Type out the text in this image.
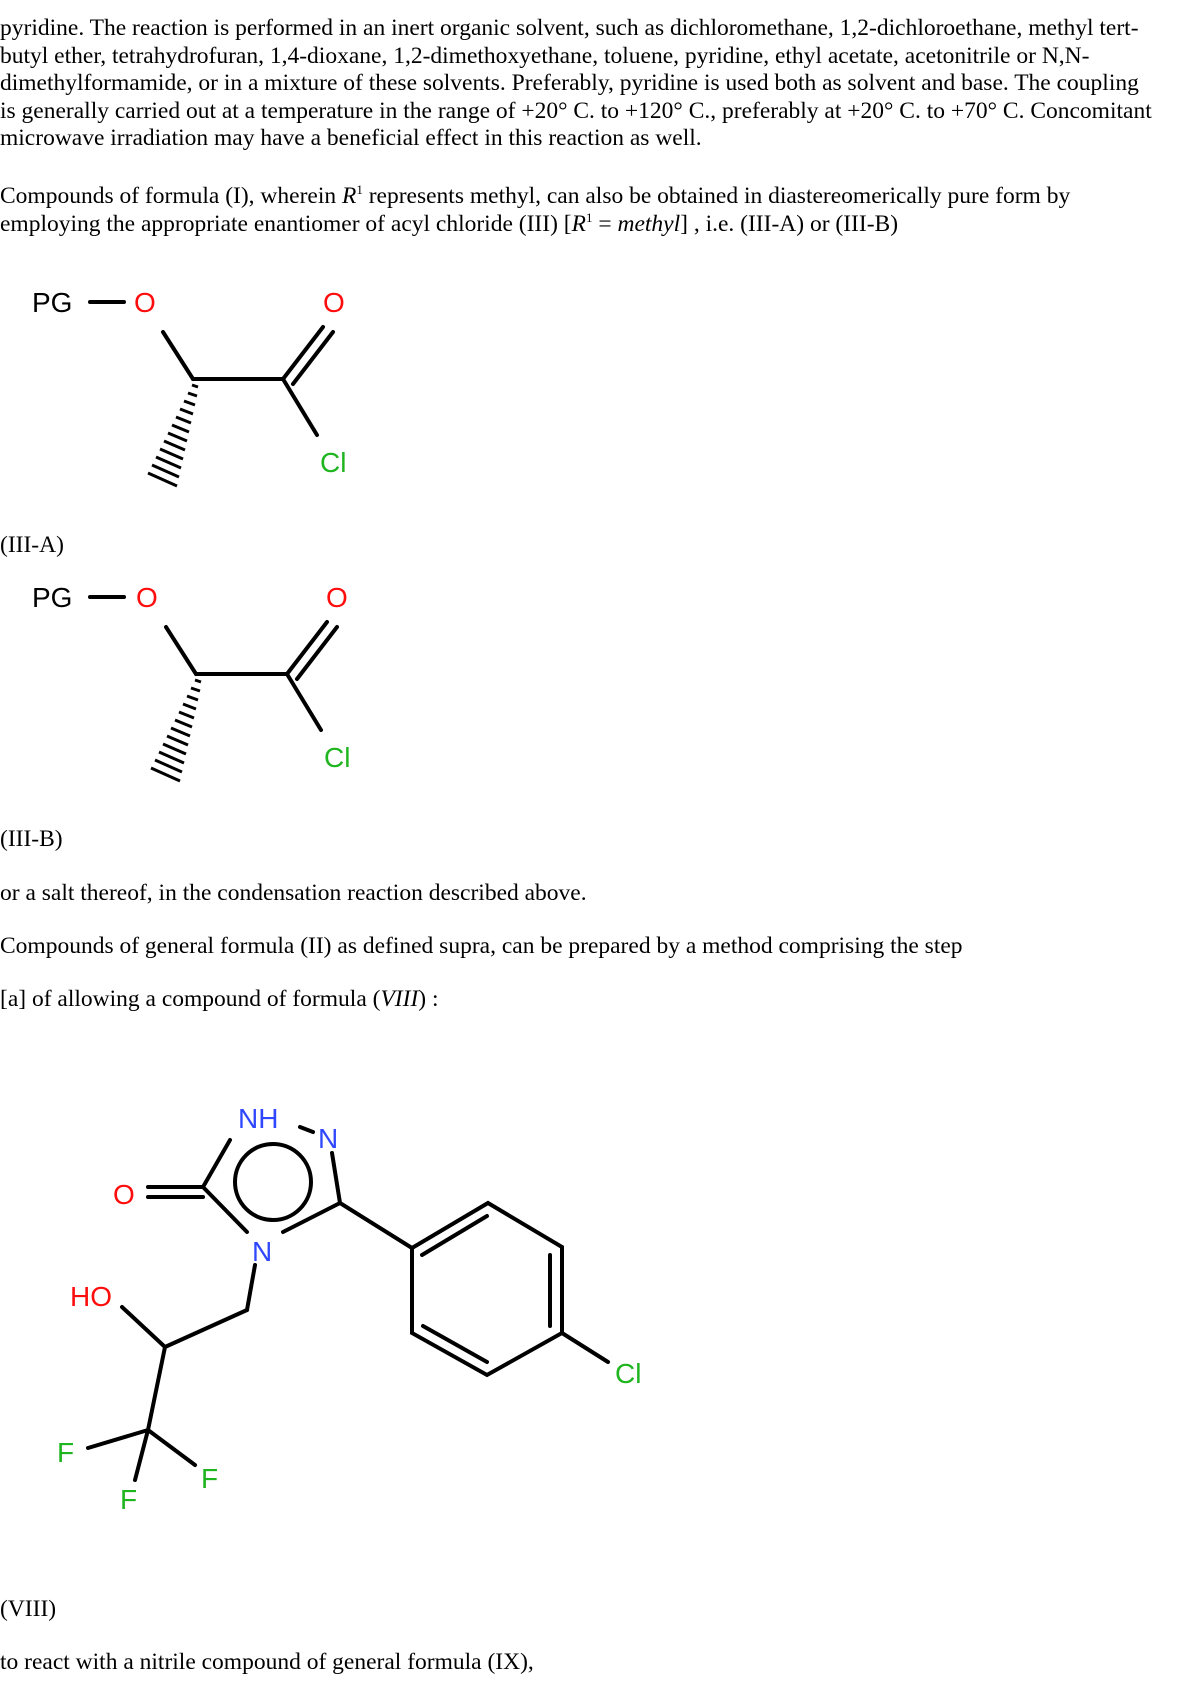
pyridine. The reaction is performed in an inert organic solvent, such as dichloromethane, 1,2-dichloroethane, methyl tert-butyl ether, tetrahydrofuran, 1,4-dioxane, 1,2-dimethoxyethane, toluene, pyridine, ethyl acetate, acetonitrile or N,N-dimethylformamide, or in a mixture of these solvents. Preferably, pyridine is used both as solvent and base. The coupling is generally carried out at a temperature in the range of +20° C. to +120° C., preferably at +20° C. to +70° C. Concomitant microwave irradiation may have a beneficial effect in this reaction as well.

Compounds of formula (I), wherein $R^1$ represents methyl, can also be obtained in diastereomerically pure form by employing the appropriate enantiomer of acyl chloride (III) [$R^1$ = methyl] , i.e. (III-A) or (III-B)

PG O	O
Cl

(III-A)

PG O	O
Cl

(III-B)

or a salt thereof, in the condensation reaction described above.

Compounds of general formula (II) as defined supra, can be prepared by a method comprising the step

[a] of allowing a compound of formula (VIII) :

NH
N
N
O
HO
F
F
F
Cl

(VIII)

to react with a nitrile compound of general formula (IX),
